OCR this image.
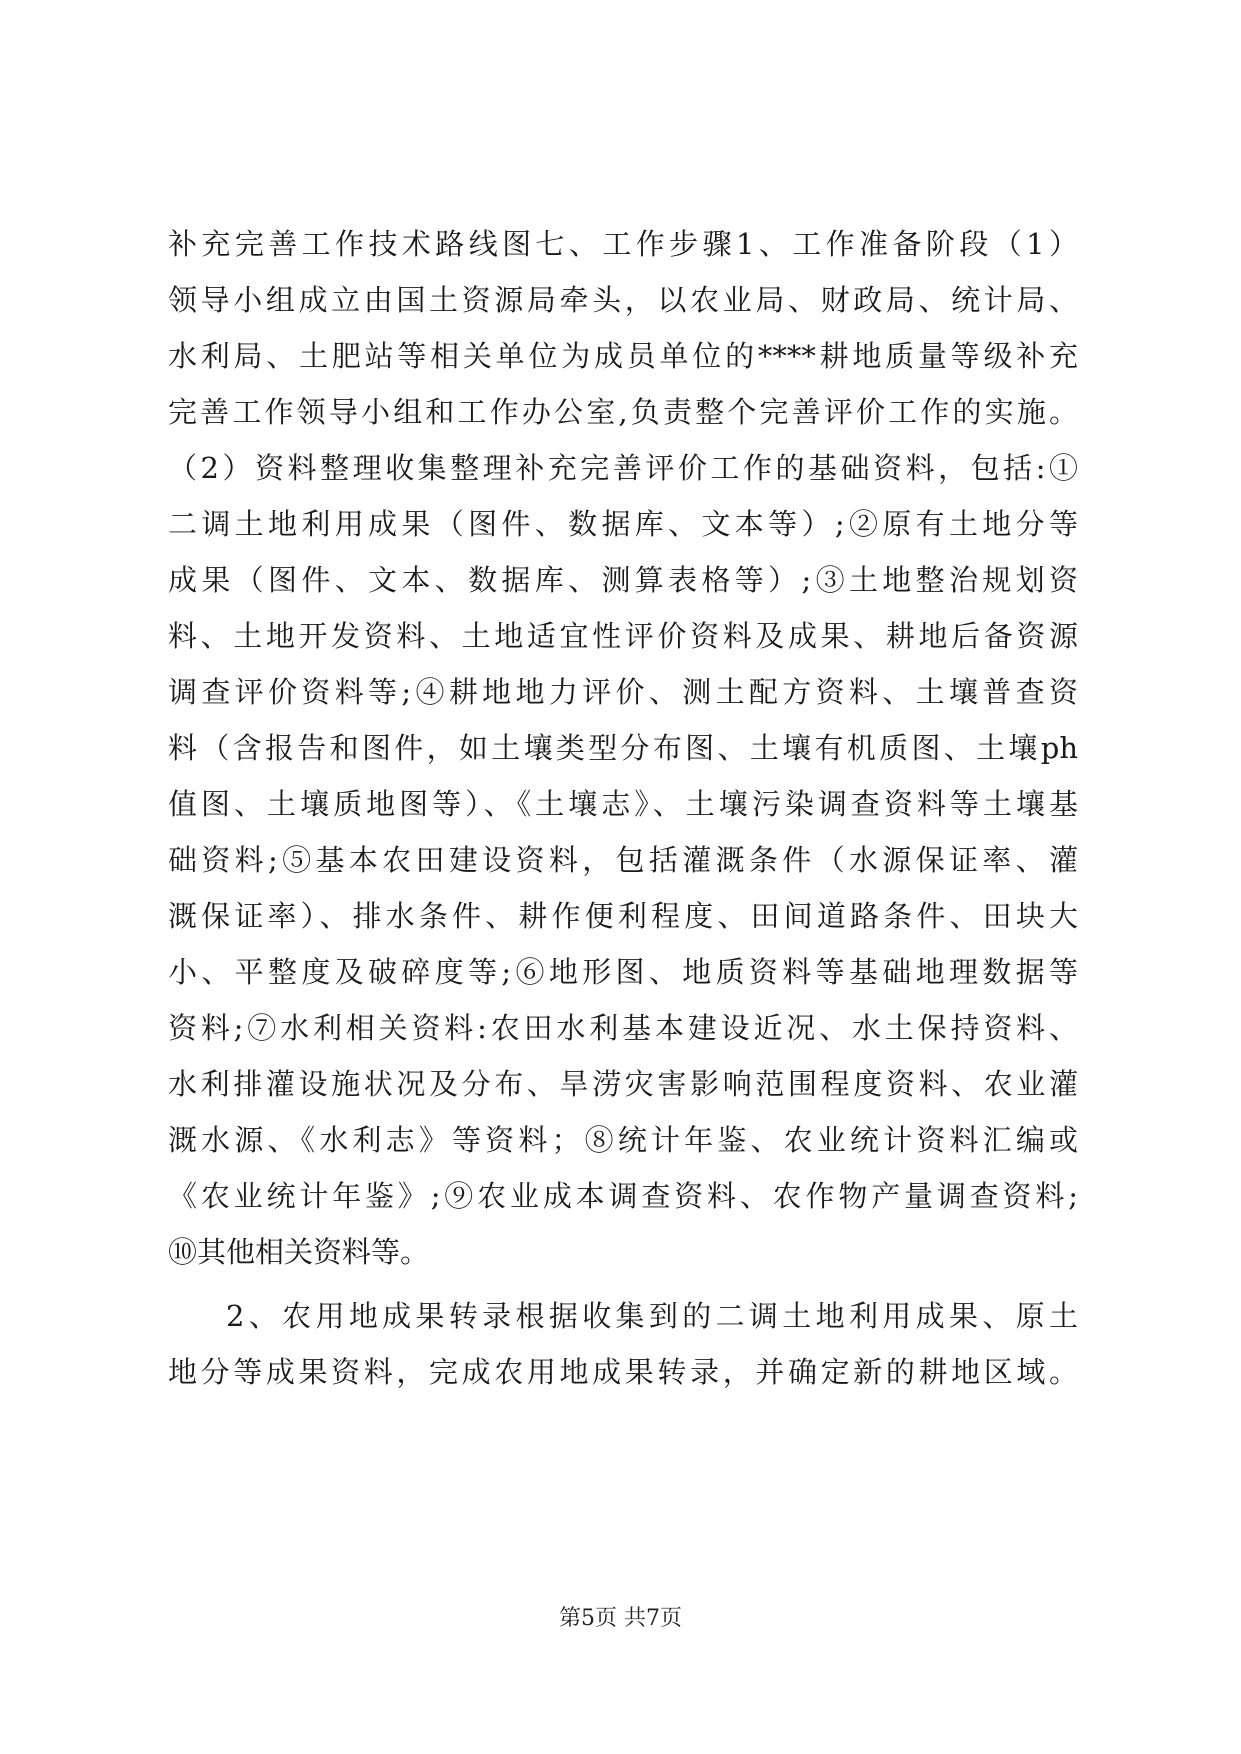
补充完善工作技术路线图七、工作步骤1、工作准备阶段（1）
领导小组成立由国土资源局牵头，以农业局、财政局、统计局、
水利局、土肥站等相关单位为成员单位的****耕地质量等级补充
完善工作领导小组和工作办公室,负责整个完善评价工作的实施。
（2）资料整理收集整理补充完善评价工作的基础资料，包括:①
二调土地利用成果（图件、数据库、文本等）;②原有土地分等
成果（图件、文本、数据库、测算表格等）;③土地整治规划资
料、土地开发资料、土地适宜性评价资料及成果、耕地后备资源
调查评价资料等;④耕地地力评价、测土配方资料、土壤普查资
料（含报告和图件，如土壤类型分布图、土壤有机质图、土壤ph
值图、土壤质地图等）、《土壤志》、土壤污染调查资料等土壤基
础资料;⑤基本农田建设资料，包括灌溉条件（水源保证率、灌
溉保证率）、排水条件、耕作便利程度、田间道路条件、田块大
小、平整度及破碎度等;⑥地形图、地质资料等基础地理数据等
资料;⑦水利相关资料:农田水利基本建设近况、水土保持资料、
水利排灌设施状况及分布、旱涝灾害影响范围程度资料、农业灌
溉水源、《水利志》等资料；⑧统计年鉴、农业统计资料汇编或
《农业统计年鉴》;⑨农业成本调查资料、农作物产量调查资料;
⑩其他相关资料等。
2、农用地成果转录根据收集到的二调土地利用成果、原土
地分等成果资料，完成农用地成果转录，并确定新的耕地区域。
第5页 共7页
